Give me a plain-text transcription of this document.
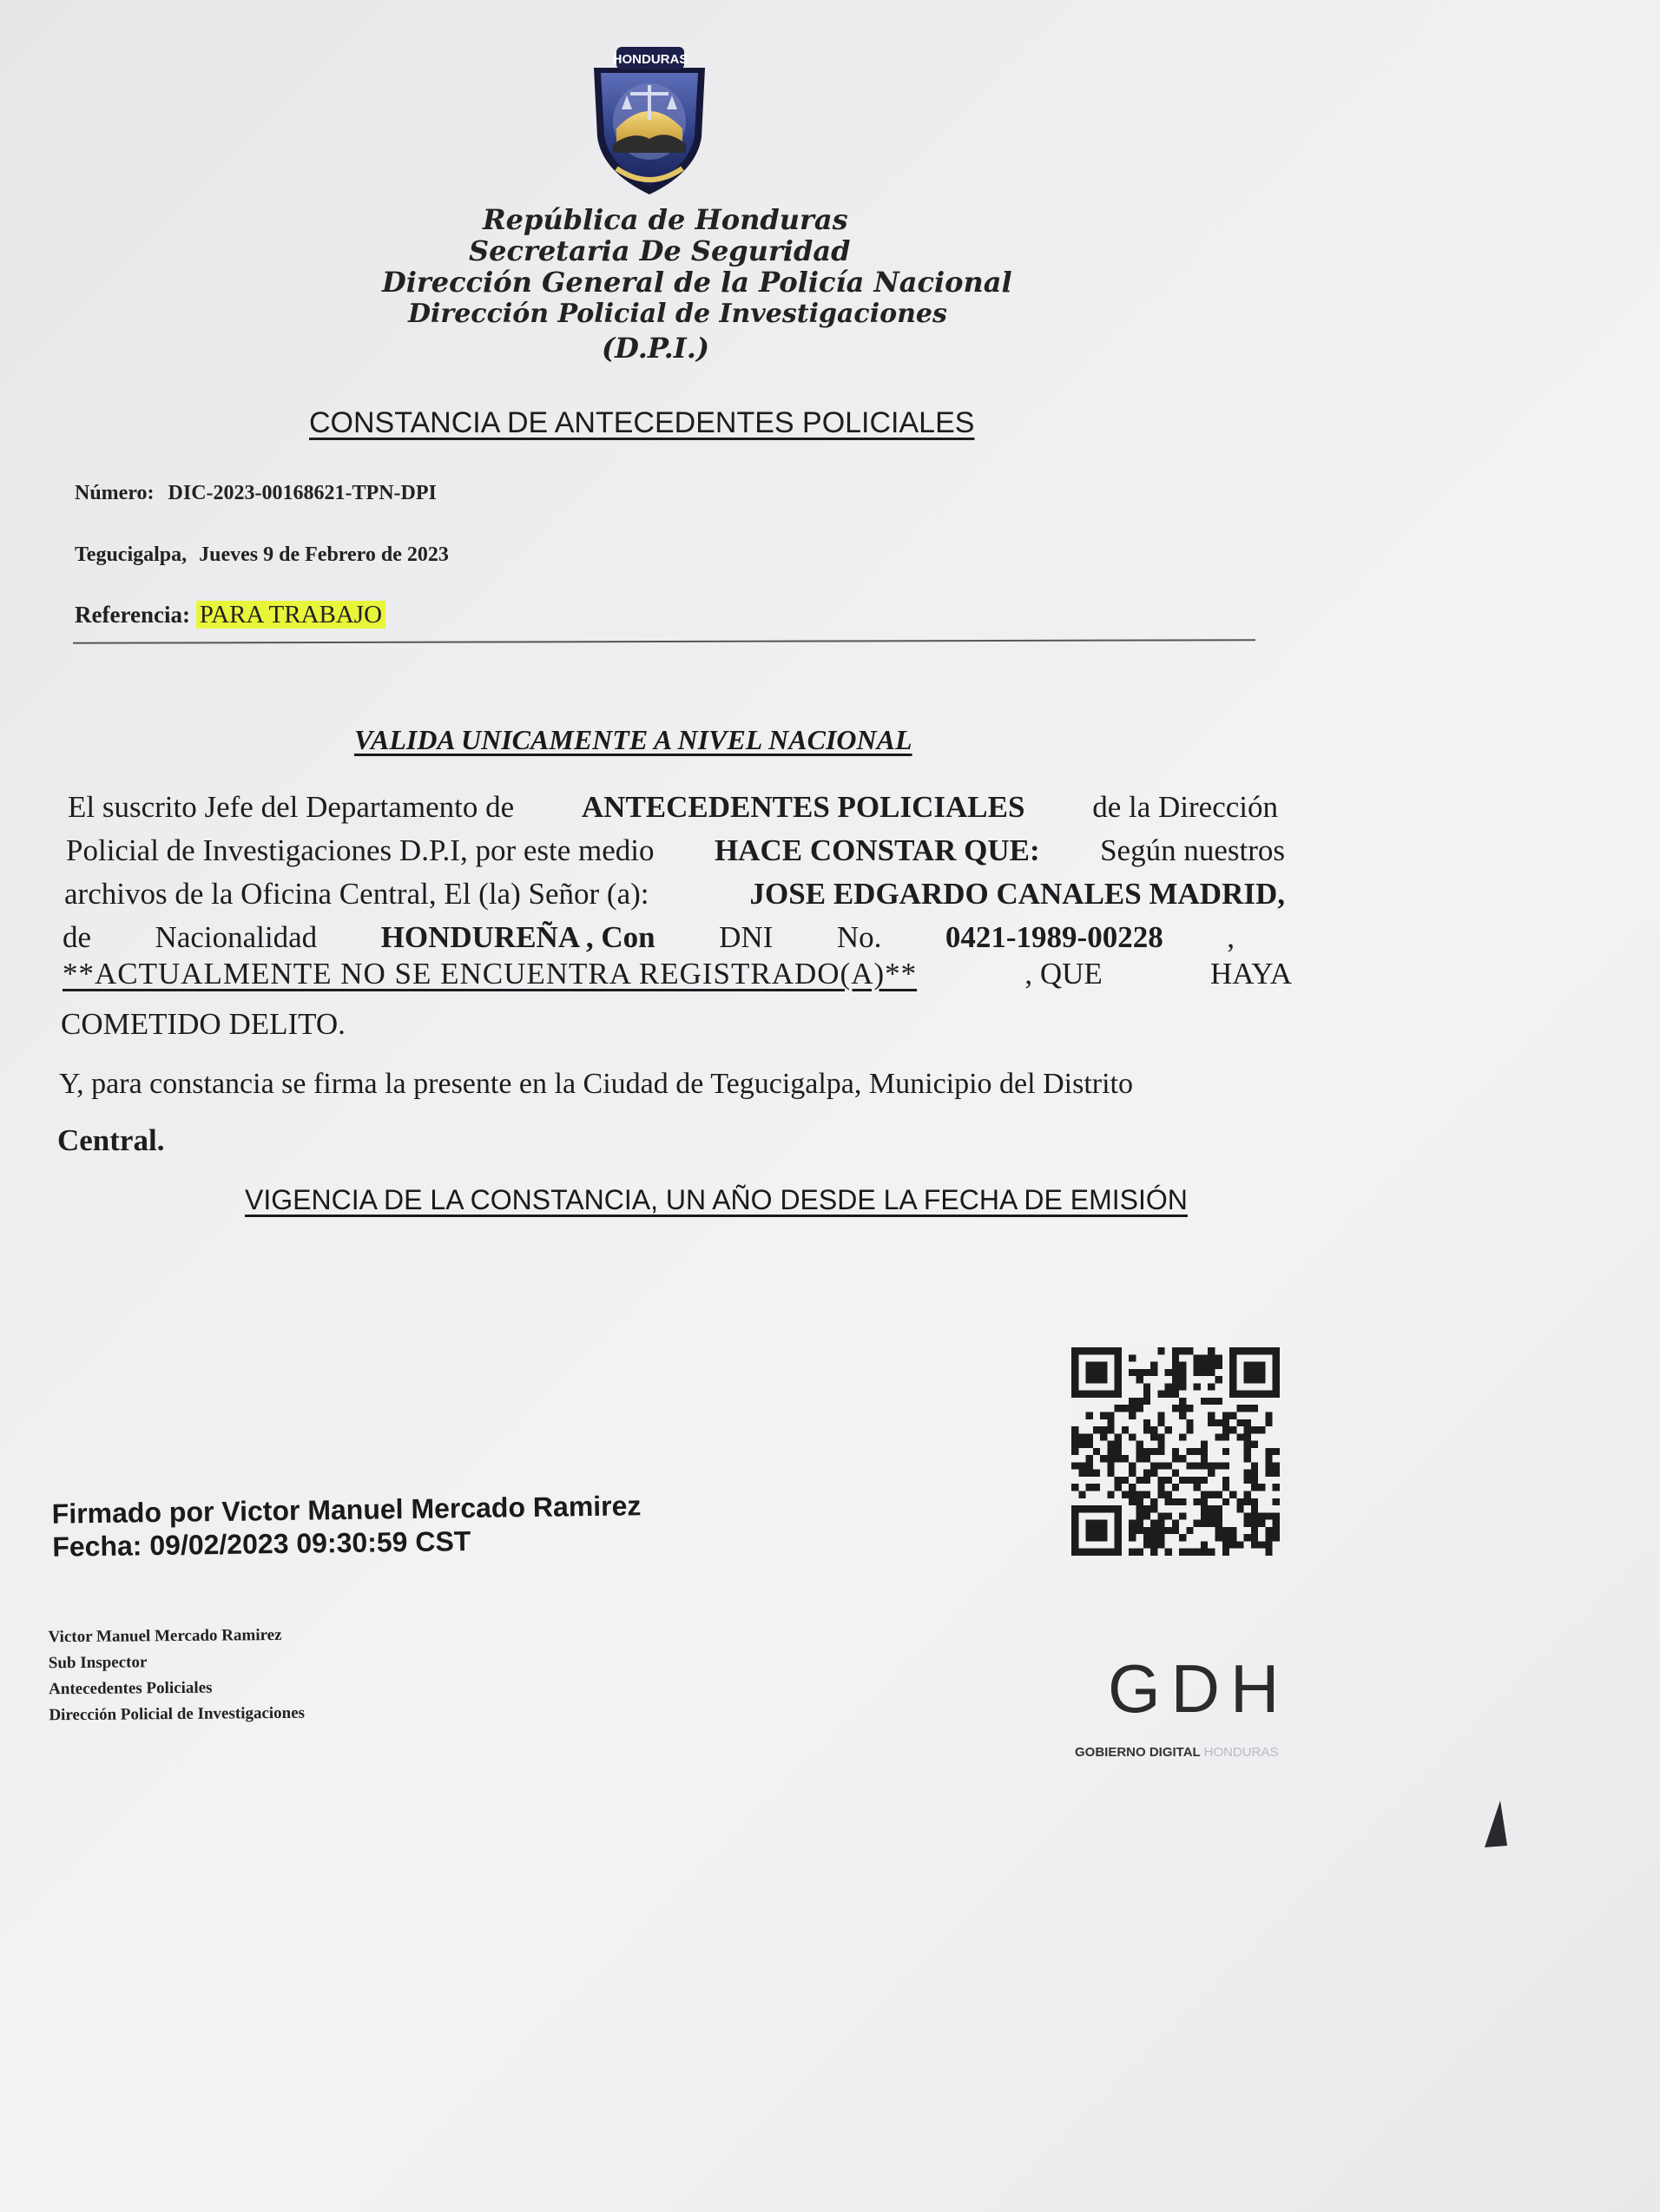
HONDURAS
República de Honduras
Secretaria De Seguridad
Dirección General de la Policía Nacional
Dirección Policial de Investigaciones
(D.P.I.)
CONSTANCIA DE ANTECEDENTES POLICIALES
Número: DIC-2023-00168621-TPN-DPI
Tegucigalpa, Jueves 9 de Febrero de 2023
Referencia: PARA TRABAJO
VALIDA UNICAMENTE A NIVEL NACIONAL
El suscrito Jefe del Departamento de ANTECEDENTES POLICIALES de la Dirección
Policial de Investigaciones D.P.I, por este medio HACE CONSTAR QUE: Según nuestros
archivos de la Oficina Central, El (la) Señor (a):	JOSE EDGARDO CANALES MADRID,
de Nacionalidad HONDUREÑA , Con DNI No. 0421-1989-00228 ,
**ACTUALMENTE NO SE ENCUENTRA REGISTRADO(A)**	, QUE	HAYA
COMETIDO DELITO.
Y, para constancia se firma la presente en la Ciudad de Tegucigalpa, Municipio del Distrito
Central.
VIGENCIA DE LA CONSTANCIA, UN AÑO DESDE LA FECHA DE EMISIÓN
Firmado por Victor Manuel Mercado Ramirez
Fecha: 09/02/2023 09:30:59 CST
Victor Manuel Mercado Ramirez
Sub Inspector
Antecedentes Policiales
Dirección Policial de Investigaciones	GDH
GOBIERNO DIGITAL HONDURAS
